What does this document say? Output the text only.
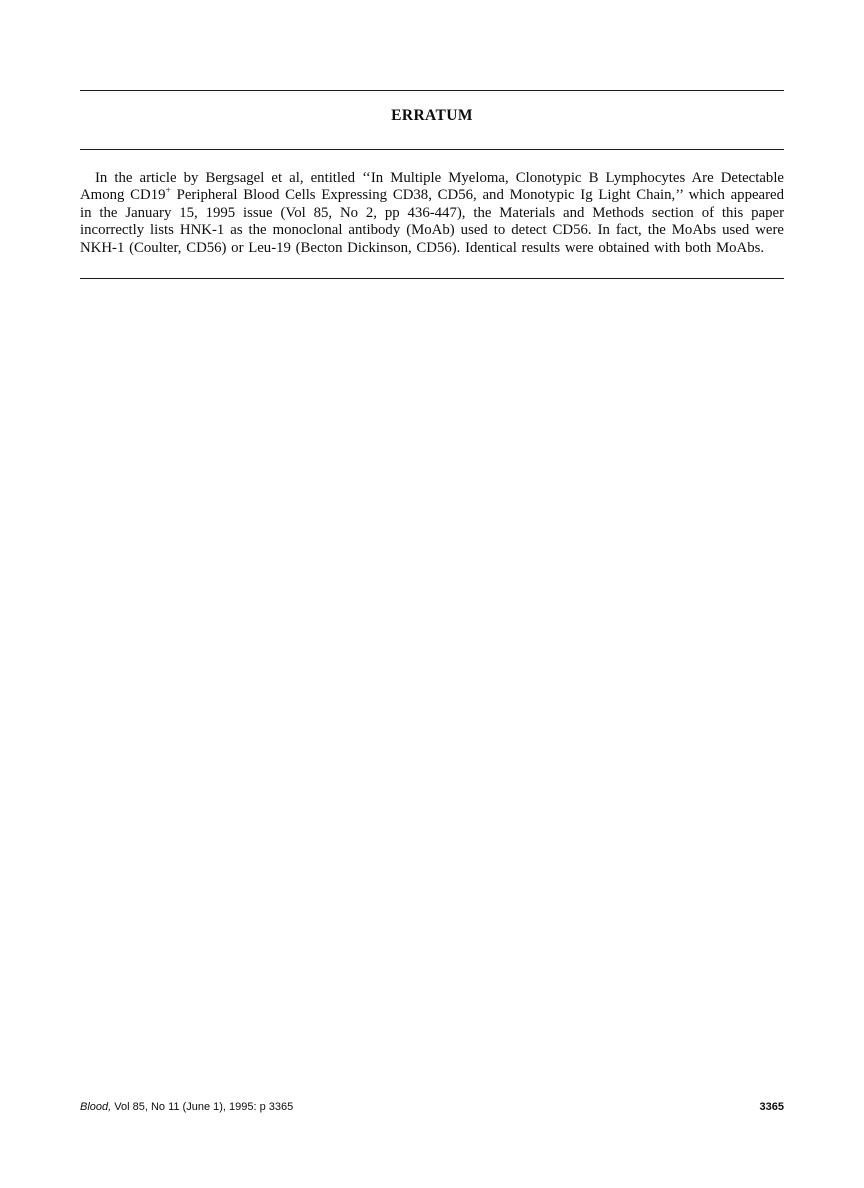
ERRATUM

In the article by Bergsagel et al, entitled ‘‘In Multiple Myeloma, Clonotypic B Lymphocytes Are Detectable Among CD19+ Peripheral Blood Cells Expressing CD38, CD56, and Monotypic Ig Light Chain,’’ which appeared in the January 15, 1995 issue (Vol 85, No 2, pp 436-447), the Materials and Methods section of this paper incorrectly lists HNK-1 as the monoclonal antibody (MoAb) used to detect CD56. In fact, the MoAbs used were NKH-1 (Coulter, CD56) or Leu-19 (Becton Dickinson, CD56). Identical results were obtained with both MoAbs.

Blood, Vol 85, No 11 (June 1), 1995: p 3365	3365
